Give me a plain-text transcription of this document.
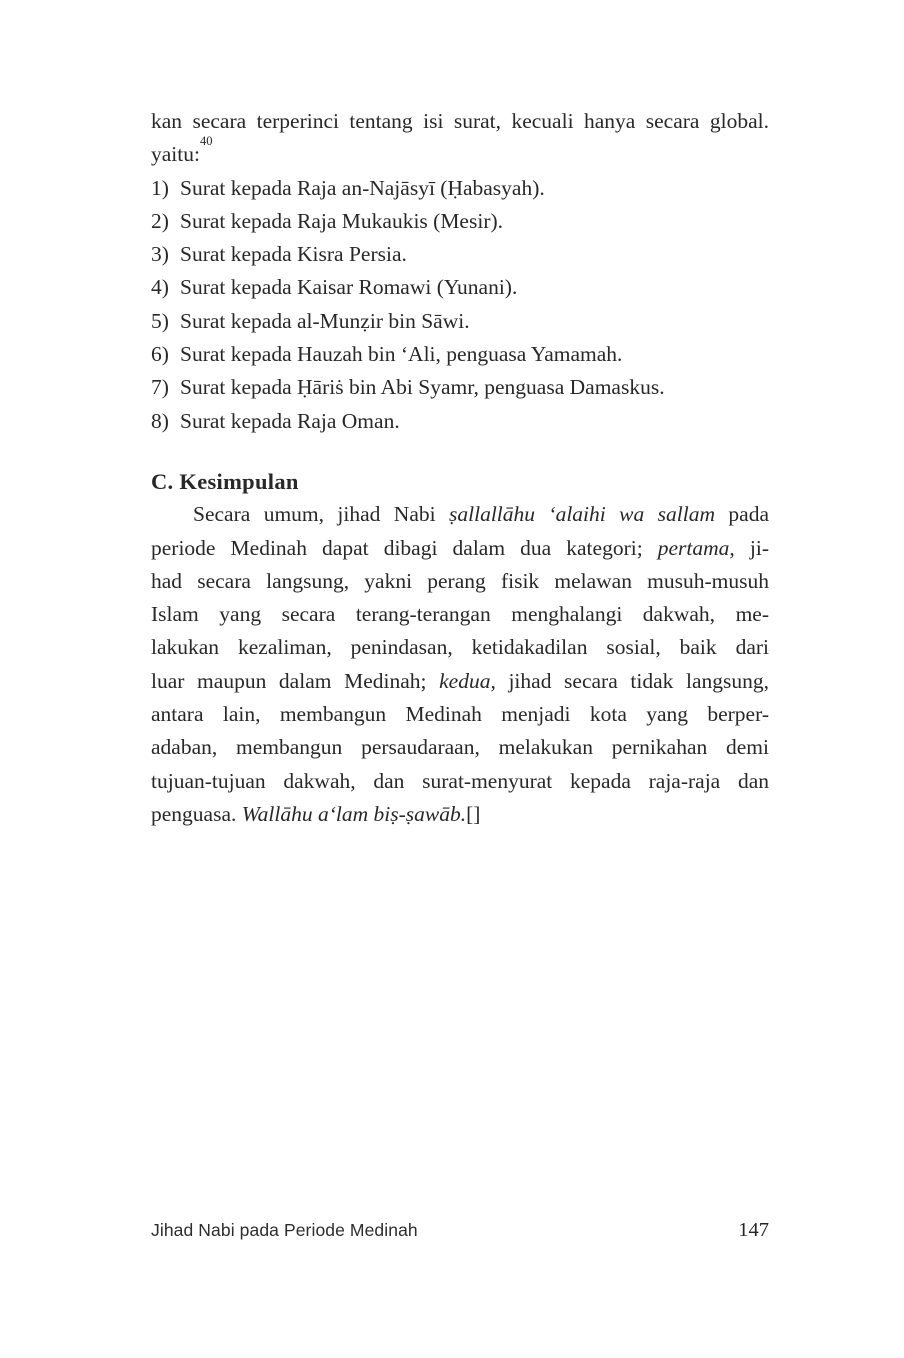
kan secara terperinci tentang isi surat, kecuali hanya secara global.

yaitu:$^{40}$

1) Surat kepada Raja an-Najāsyī (Ḥabasyah).
2) Surat kepada Raja Mukaukis (Mesir).
3) Surat kepada Kisra Persia.
4) Surat kepada Kaisar Romawi (Yunani).
5) Surat kepada al-Munẓir bin Sāwi.
6) Surat kepada Hauzah bin ‘Ali, penguasa Yamamah.
7) Surat kepada Ḥāriṡ bin Abi Syamr, penguasa Damaskus.
8) Surat kepada Raja Oman.
C. Kesimpulan
Secara umum, jihad Nabi ṣallallāhu ‘alaihi wa sallam pada
periode Medinah dapat dibagi dalam dua kategori; pertama, ji-
had secara langsung, yakni perang fisik melawan musuh-musuh
Islam yang secara terang-terangan menghalangi dakwah, me-
lakukan kezaliman, penindasan, ketidakadilan sosial, baik dari
luar maupun dalam Medinah; kedua, jihad secara tidak langsung,
antara lain, membangun Medinah menjadi kota yang berper-
adaban, membangun persaudaraan, melakukan pernikahan demi
tujuan-tujuan dakwah, dan surat-menyurat kepada raja-raja dan
penguasa. Wallāhu a‘lam biṣ-ṣawāb.[]
Jihad Nabi pada Periode Medinah	147
